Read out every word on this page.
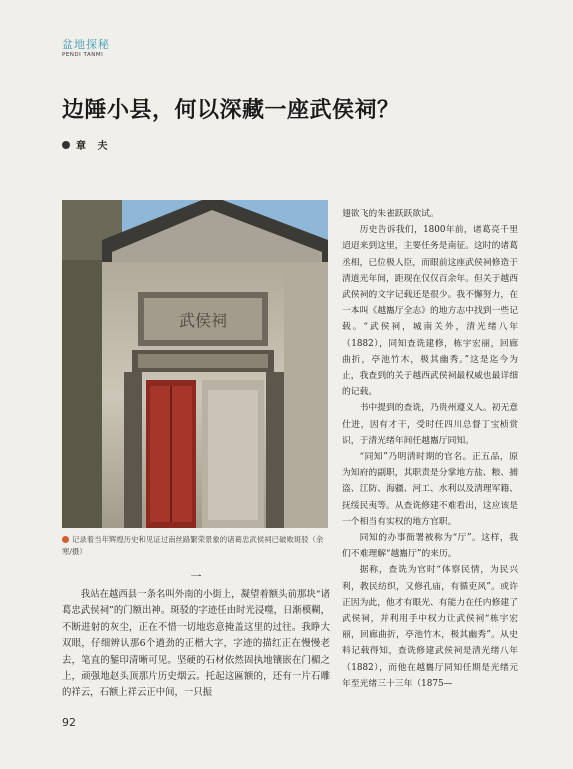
盆地探秘
PENDI TANMI
边陲小县，何以深藏一座武侯祠？
章 夫
武侯祠
记录着当年辉煌历史和见证过南丝路繁荣景象的诸葛忠武侯祠已破败斑驳（余寒/摄）
一

我站在越西县一条名叫外南的小街上，凝望着额头前那块“诸葛忠武侯祠”的门额出神。斑驳的字迹任由时光浸噬，日渐模糊，不断进射的灰尘，正在不惜一切地恣意掩盖这里的过往。我睁大双眼，仔细辨认那6个遒劲的正楷大字，字迹的描红正在慢慢老去，笔直的錾印清晰可见。坚硬的石材依然固执地镶嵌在门楣之上，顽强地赵头顶那片历史烟云。托起这匾额的，还有一片石雕的祥云，石额上祥云正中间，一只振

翅欲飞的朱雀跃跃欲试。

历史告诉我们，1800年前，诸葛亮千里迢迢来到这里，主要任务是南征。这时的诸葛丞相，已位极人臣，而眼前这座武侯祠修造于清道光年间，距现在仅仅百余年。但关于越西武侯祠的文字记载还是很少。我不懈努力，在一本叫《越巂厅全志》的地方志中找到一些记载。“武侯祠，城南关外，清光绪八年（1882），同知查诜建修，栋宇宏丽，回廊曲折，亭池竹木，极其幽秀。”这是迄今为止，我查到的关于越西武侯祠最权威也最详细的记载。

书中提到的查诜，乃贵州遵义人。初无意仕进，因有才干，受时任四川总督丁宝桢赏识，于清光绪年间任越巂厅同知。

“同知”乃明清时期的官名。正五品，原为知府的副职，其职责是分掌地方盐、粮、捕盗、江防、海疆、河工、水利以及清理军籍、抚绥民夷等。从查诜修建不难看出，这应该是一个相当有实权的地方官职。

同知的办事衙署被称为“厅”。这样，我们不难理解“越巂厅”的来历。

据称，查诜为官时“体察民情，为民兴利，教民纺织，又修孔庙，有循吏风”。或许正因为此，他才有眼光、有能力在任内修建了武侯祠，并利用手中权力让武侯祠“栋宇宏丽，回廊曲折，亭池竹木，极其幽秀”。从史料记载得知，查诜修建武侯祠是清光绪八年（1882），而他在越巂厅同知任期是光绪元年至光绪三十三年（1875—

92
